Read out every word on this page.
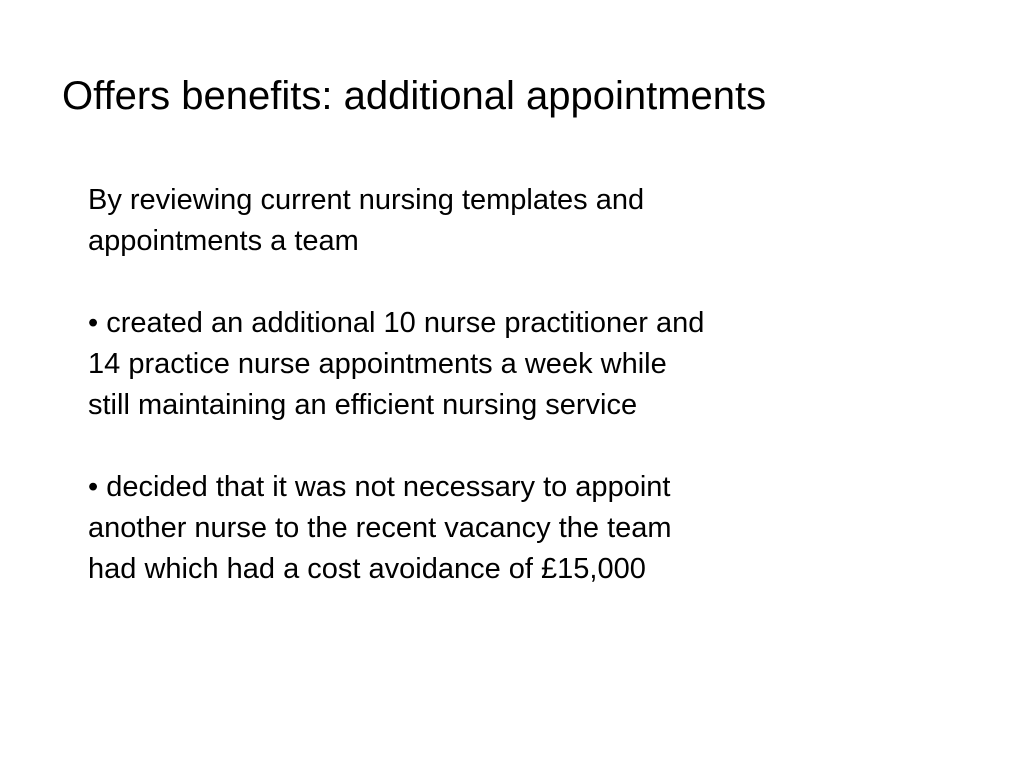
Offers benefits: additional appointments

By reviewing current nursing templates and

appointments a team

• created an additional 10 nurse practitioner and

14 practice nurse appointments a week while

still maintaining an efficient nursing service

• decided that it was not necessary to appoint

another nurse to the recent vacancy the team

had which had a cost avoidance of £15,000
